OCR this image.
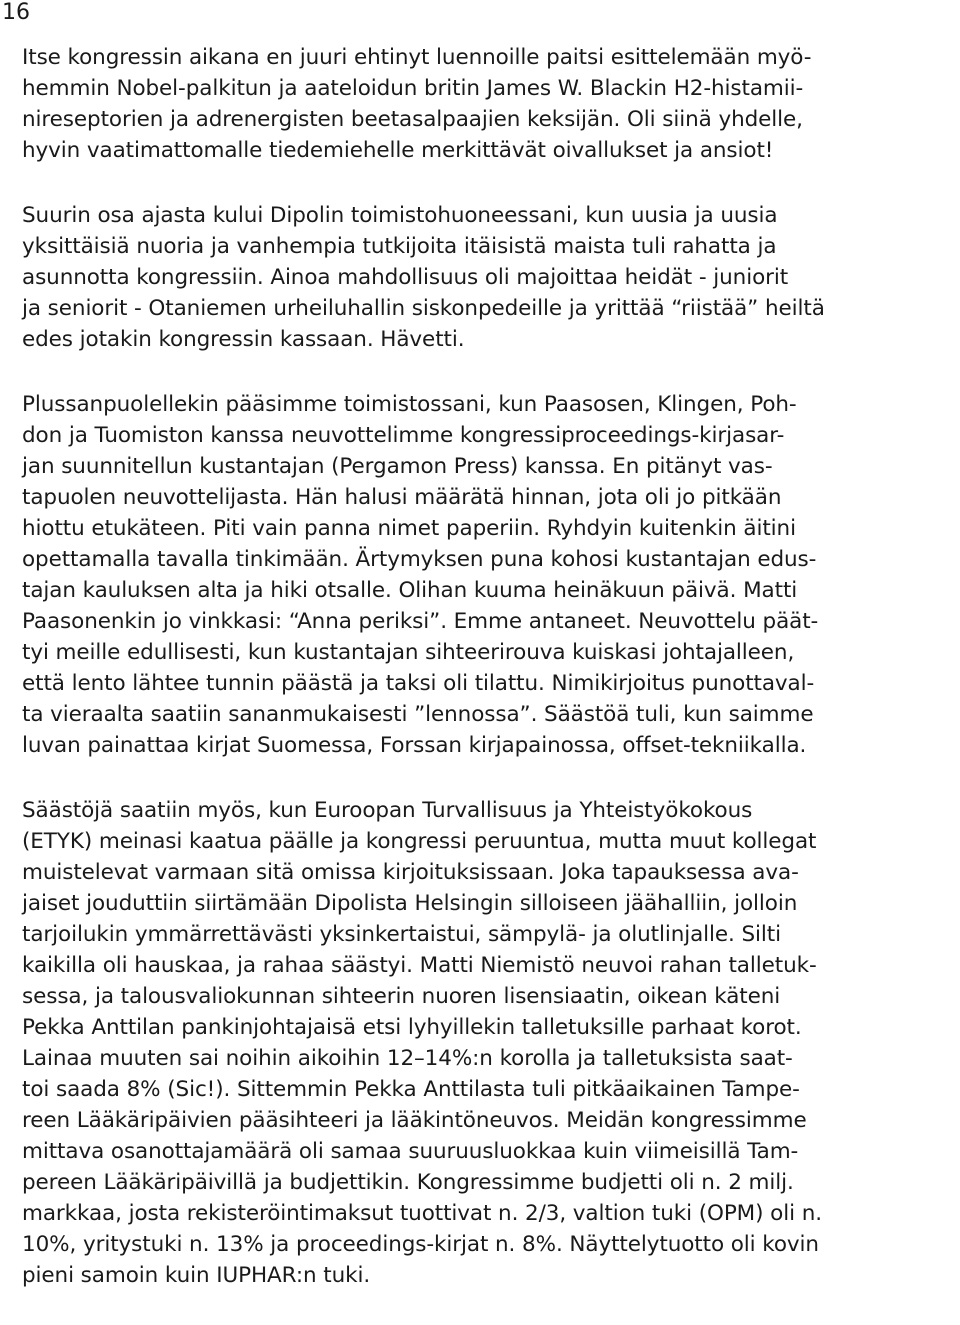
16

Itse kongressin aikana en juuri ehtinyt luennoille paitsi esittelemään myö-
hemmin Nobel-palkitun ja aateloidun britin James W. Blackin H2-histamii-
nireseptorien ja adrenergisten beetasalpaajien keksijän. Oli siinä yhdelle,
hyvin vaatimattomalle tiedemiehelle merkittävät oivallukset ja ansiot!

Suurin osa ajasta kului Dipolin toimistohuoneessani, kun uusia ja uusia
yksittäisiä nuoria ja vanhempia tutkijoita itäisistä maista tuli rahatta ja
asunnotta kongressiin. Ainoa mahdollisuus oli majoittaa heidät - juniorit
ja seniorit - Otaniemen urheiluhallin siskonpedeille ja yrittää “riistää” heiltä
edes jotakin kongressin kassaan. Hävetti.

Plussanpuolellekin pääsimme toimistossani, kun Paasosen, Klingen, Poh-
don ja Tuomiston kanssa neuvottelimme kongressiproceedings-kirjasar-
jan suunnitellun kustantajan (Pergamon Press) kanssa. En pitänyt vas-
tapuolen neuvottelijasta. Hän halusi määrätä hinnan, jota oli jo pitkään
hiottu etukäteen. Piti vain panna nimet paperiin. Ryhdyin kuitenkin äitini
opettamalla tavalla tinkimään. Ärtymyksen puna kohosi kustantajan edus-
tajan kauluksen alta ja hiki otsalle. Olihan kuuma heinäkuun päivä. Matti
Paasonenkin jo vinkkasi: “Anna periksi”. Emme antaneet. Neuvottelu päät-
tyi meille edullisesti, kun kustantajan sihteerirouva kuiskasi johtajalleen,
että lento lähtee tunnin päästä ja taksi oli tilattu. Nimikirjoitus punottaval-
ta vieraalta saatiin sananmukaisesti ”lennossa”. Säästöä tuli, kun saimme
luvan painattaa kirjat Suomessa, Forssan kirjapainossa, offset-tekniikalla.

Säästöjä saatiin myös, kun Euroopan Turvallisuus ja Yhteistyökokous
(ETYK) meinasi kaatua päälle ja kongressi peruuntua, mutta muut kollegat
muistelevat varmaan sitä omissa kirjoituksissaan. Joka tapauksessa ava-
jaiset jouduttiin siirtämään Dipolista Helsingin silloiseen jäähalliin, jolloin
tarjoilukin ymmärrettävästi yksinkertaistui, sämpylä- ja olutlinjalle. Silti
kaikilla oli hauskaa, ja rahaa säästyi. Matti Niemistö neuvoi rahan talletuk-
sessa, ja talousvaliokunnan sihteerin nuoren lisensiaatin, oikean käteni
Pekka Anttilan pankinjohtajaisä etsi lyhyillekin talletuksille parhaat korot.
Lainaa muuten sai noihin aikoihin 12–14%:n korolla ja talletuksista saat-
toi saada 8% (Sic!). Sittemmin Pekka Anttilasta tuli pitkäaikainen Tampe-
reen Lääkäripäivien pääsihteeri ja lääkintöneuvos. Meidän kongressimme
mittava osanottajamäärä oli samaa suuruusluokkaa kuin viimeisillä Tam-
pereen Lääkäripäivillä ja budjettikin. Kongressimme budjetti oli n. 2 milj.
markkaa, josta rekisteröintimaksut tuottivat n. 2/3, valtion tuki (OPM) oli n.
10%, yritystuki n. 13% ja proceedings-kirjat n. 8%. Näyttelytuotto oli kovin
pieni samoin kuin IUPHAR:n tuki.
